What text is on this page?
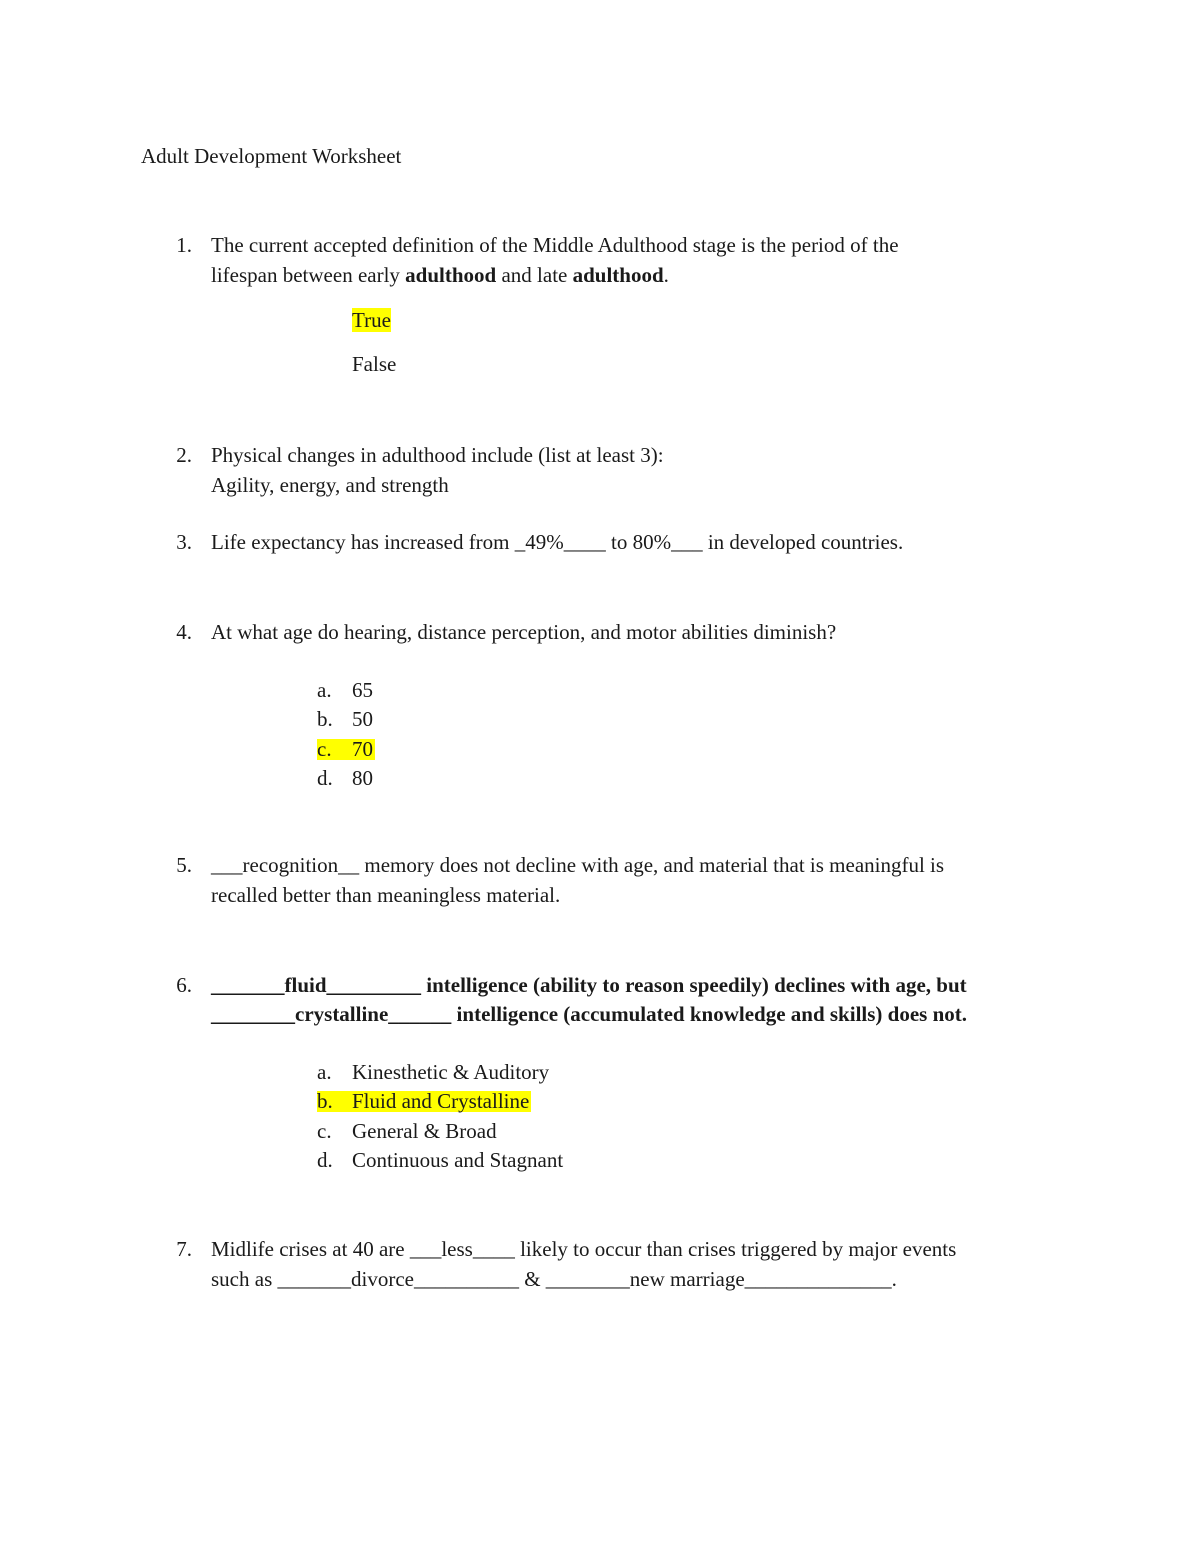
Adult Development Worksheet
1. The current accepted definition of the Middle Adulthood stage is the period of the
lifespan between early adulthood and late adulthood.
True
False
2. Physical changes in adulthood include (list at least 3):
Agility, energy, and strength
3. Life expectancy has increased from _49%____ to 80%___ in developed countries.
4. At what age do hearing, distance perception, and motor abilities diminish?
a. 65
b. 50
c. 70
d. 80
5. ___recognition__ memory does not decline with age, and material that is meaningful is
recalled better than meaningless material.
6. _______fluid_________ intelligence (ability to reason speedily) declines with age, but
________crystalline______ intelligence (accumulated knowledge and skills) does not.
a. Kinesthetic & Auditory
b. Fluid and Crystalline
c. General & Broad
d. Continuous and Stagnant
7. Midlife crises at 40 are ___less____ likely to occur than crises triggered by major events
such as _______divorce__________ & ________new marriage______________.
